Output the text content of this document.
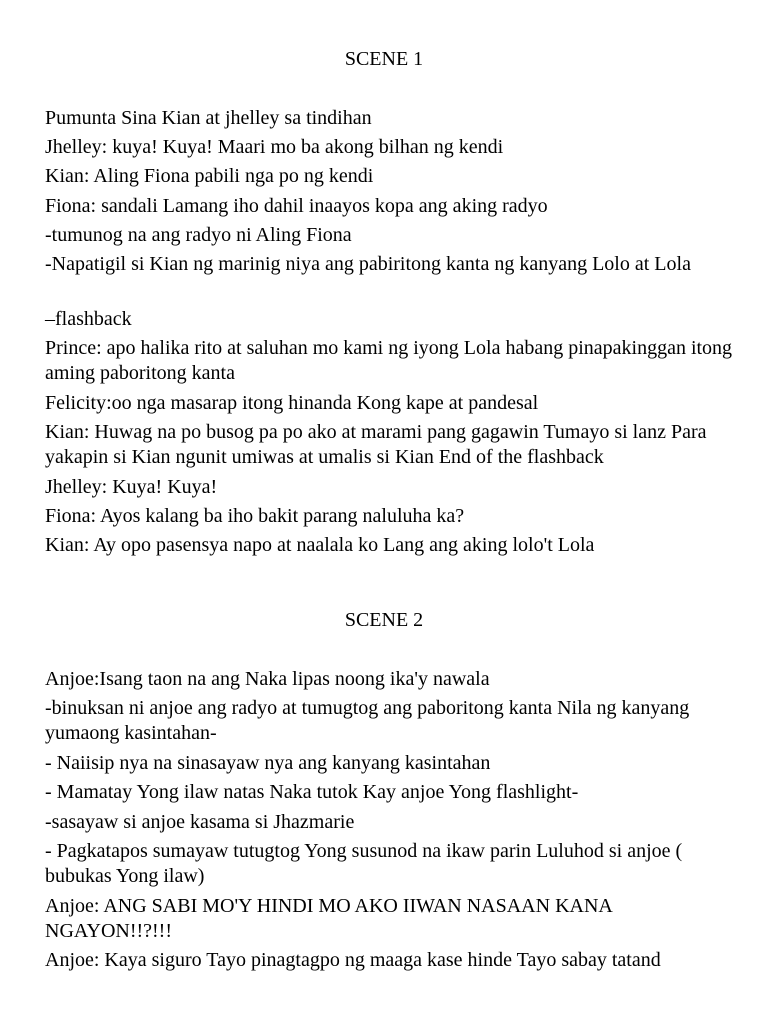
SCENE 1

Pumunta Sina Kian at jhelley sa tindihan

Jhelley: kuya! Kuya! Maari mo ba akong bilhan ng kendi

Kian: Aling Fiona pabili nga po ng kendi

Fiona: sandali Lamang iho dahil inaayos kopa ang aking radyo

-tumunog na ang radyo ni Aling Fiona

-Napatigil si Kian ng marinig niya ang pabiritong kanta ng kanyang Lolo at Lola

–flashback

Prince: apo halika rito at saluhan mo kami ng iyong Lola habang pinapakinggan itong aming paboritong kanta

Felicity:oo nga masarap itong hinanda Kong kape at pandesal

Kian: Huwag na po busog pa po ako at marami pang gagawin Tumayo si lanz Para yakapin si Kian ngunit umiwas at umalis si Kian End of the flashback

Jhelley: Kuya! Kuya!

Fiona: Ayos kalang ba iho bakit parang naluluha ka?

Kian: Ay opo pasensya napo at naalala ko Lang ang aking lolo't Lola

SCENE 2

Anjoe:Isang taon na ang Naka lipas noong ika'y nawala

-binuksan ni anjoe ang radyo at tumugtog ang paboritong kanta Nila ng kanyang yumaong kasintahan-

- Naiisip nya na sinasayaw nya ang kanyang kasintahan

- Mamatay Yong ilaw natas Naka tutok Kay anjoe Yong flashlight-

-sasayaw si anjoe kasama si Jhazmarie

- Pagkatapos sumayaw tutugtog Yong susunod na ikaw parin Luluhod si anjoe ( bubukas Yong ilaw)

Anjoe: ANG SABI MO'Y HINDI MO AKO IIWAN NASAAN KANA NGAYON!!?!!!

Anjoe: Kaya siguro Tayo pinagtagpo ng maaga kase hinde Tayo sabay tatand
